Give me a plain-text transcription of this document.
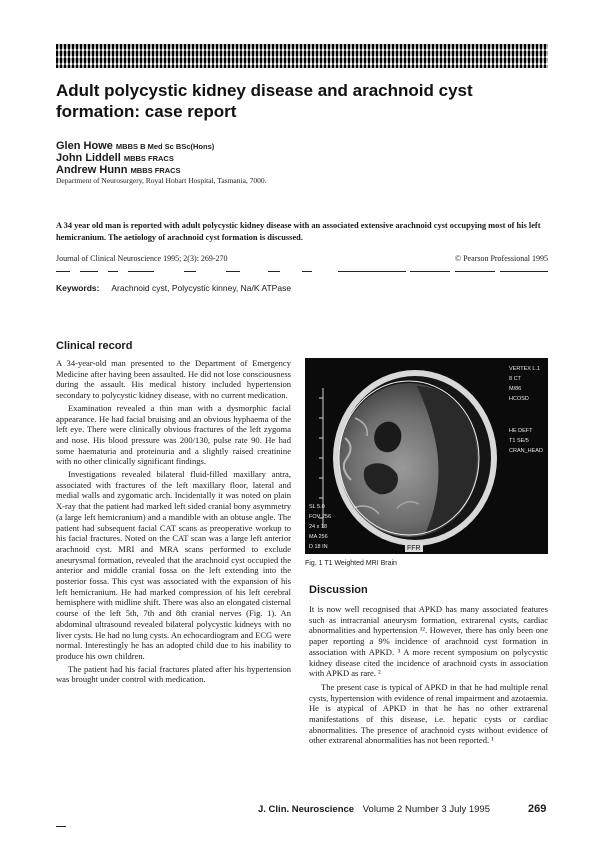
Adult polycystic kidney disease and arachnoid cyst formation: case report
Glen Howe MBBS B Med Sc BSc(Hons)
John Liddell MBBS FRACS
Andrew Hunn MBBS FRACS
Department of Neurosurgery, Royal Hobart Hospital, Tasmania, 7000.
A 34 year old man is reported with adult polycystic kidney disease with an associated extensive arachnoid cyst occupying most of his left hemicranium. The aetiology of arachnoid cyst formation is discussed.
Journal of Clinical Neuroscience 1995; 2(3): 269-270	© Pearson Professional 1995
Keywords: Arachnoid cyst, Polycystic kinney, Na/K ATPase
Clinical record

A 34-year-old man presented to the Department of Emergency Medicine after having been assaulted. He did not lose consciousness during the assault. His medical history included hypertension secondary to polycystic kidney disease, with no current medication.

Examination revealed a thin man with a dysmorphic facial appearance. He had facial bruising and an obvious hyphaema of the left eye. There were clinically obvious fractures of the left zygoma and nose. His blood pressure was 200/130, pulse rate 90. He had some haematuria and proteinuria and a slightly raised creatinine with no other clinically significant findings.

Investigations revealed bilateral fluid-filled maxillary antra, associated with fractures of the left maxillary floor, lateral and medial walls and zygomatic arch. Incidentally it was noted on plain X-ray that the patient had marked left sided cranial bony asymmetry (a large left hemicranium) and a mandible with an obtuse angle. The patient had subsequent facial CAT scans as preoperative workup to his facial fractures. Noted on the CAT scan was a large left anterior arachnoid cyst. MRI and MRA scans performed to exclude aneurysmal formation, revealed that the arachnoid cyst occupied the anterior and middle cranial fossa on the left extending into the posterior fossa. This cyst was associated with the expansion of his left hemicranium. He had marked compression of his left cerebral hemisphere with midline shift. There was also an elongated cisternal course of the left 5th, 7th and 8th cranial nerves (Fig. 1). An abdominal ultrasound revealed bilateral polycystic kidneys with no liver cysts. He had no lung cysts. An echocardiogram and ECG were normal. Interestingly he has an adopted child due to his inability to produce his own children.

The patient had his facial fractures plated after his hypertension was brought under control with medication.

FFR
VERTEX L.1
8 CT
M/86
HCOSD
HE DEFT
T1 SE/5
CRAN_HEAD
SL 5.0
FOV 256
24 x 18
MA 256
D 18 IN
Fig. 1 T1 Weighted MRI Brain
Discussion

It is now well recognised that APKD has many associated features such as intracranial aneurysm formation, extrarenal cysts, cardiac abnormalities and hypertension ¹². However, there has only been one paper reporting a 9% incidence of arachnoid cyst formation in association with APKD. ³ A more recent symposium on polycystic kidney disease cited the incidence of arachnoid cysts in association with APKD as rare. ²

The present case is typical of APKD in that he had multiple renal cysts, hypertension with evidence of renal impairment and azotaemia. He is atypical of APKD in that he has no other extrarenal manifestations of this disease, i.e. hepatic cysts or cardiac abnormalities. The presence of arachnoid cysts without evidence of other extrarenal abnormalities has not been reported. ¹

J. Clin. Neuroscience Volume 2 Number 3 July 1995	269
